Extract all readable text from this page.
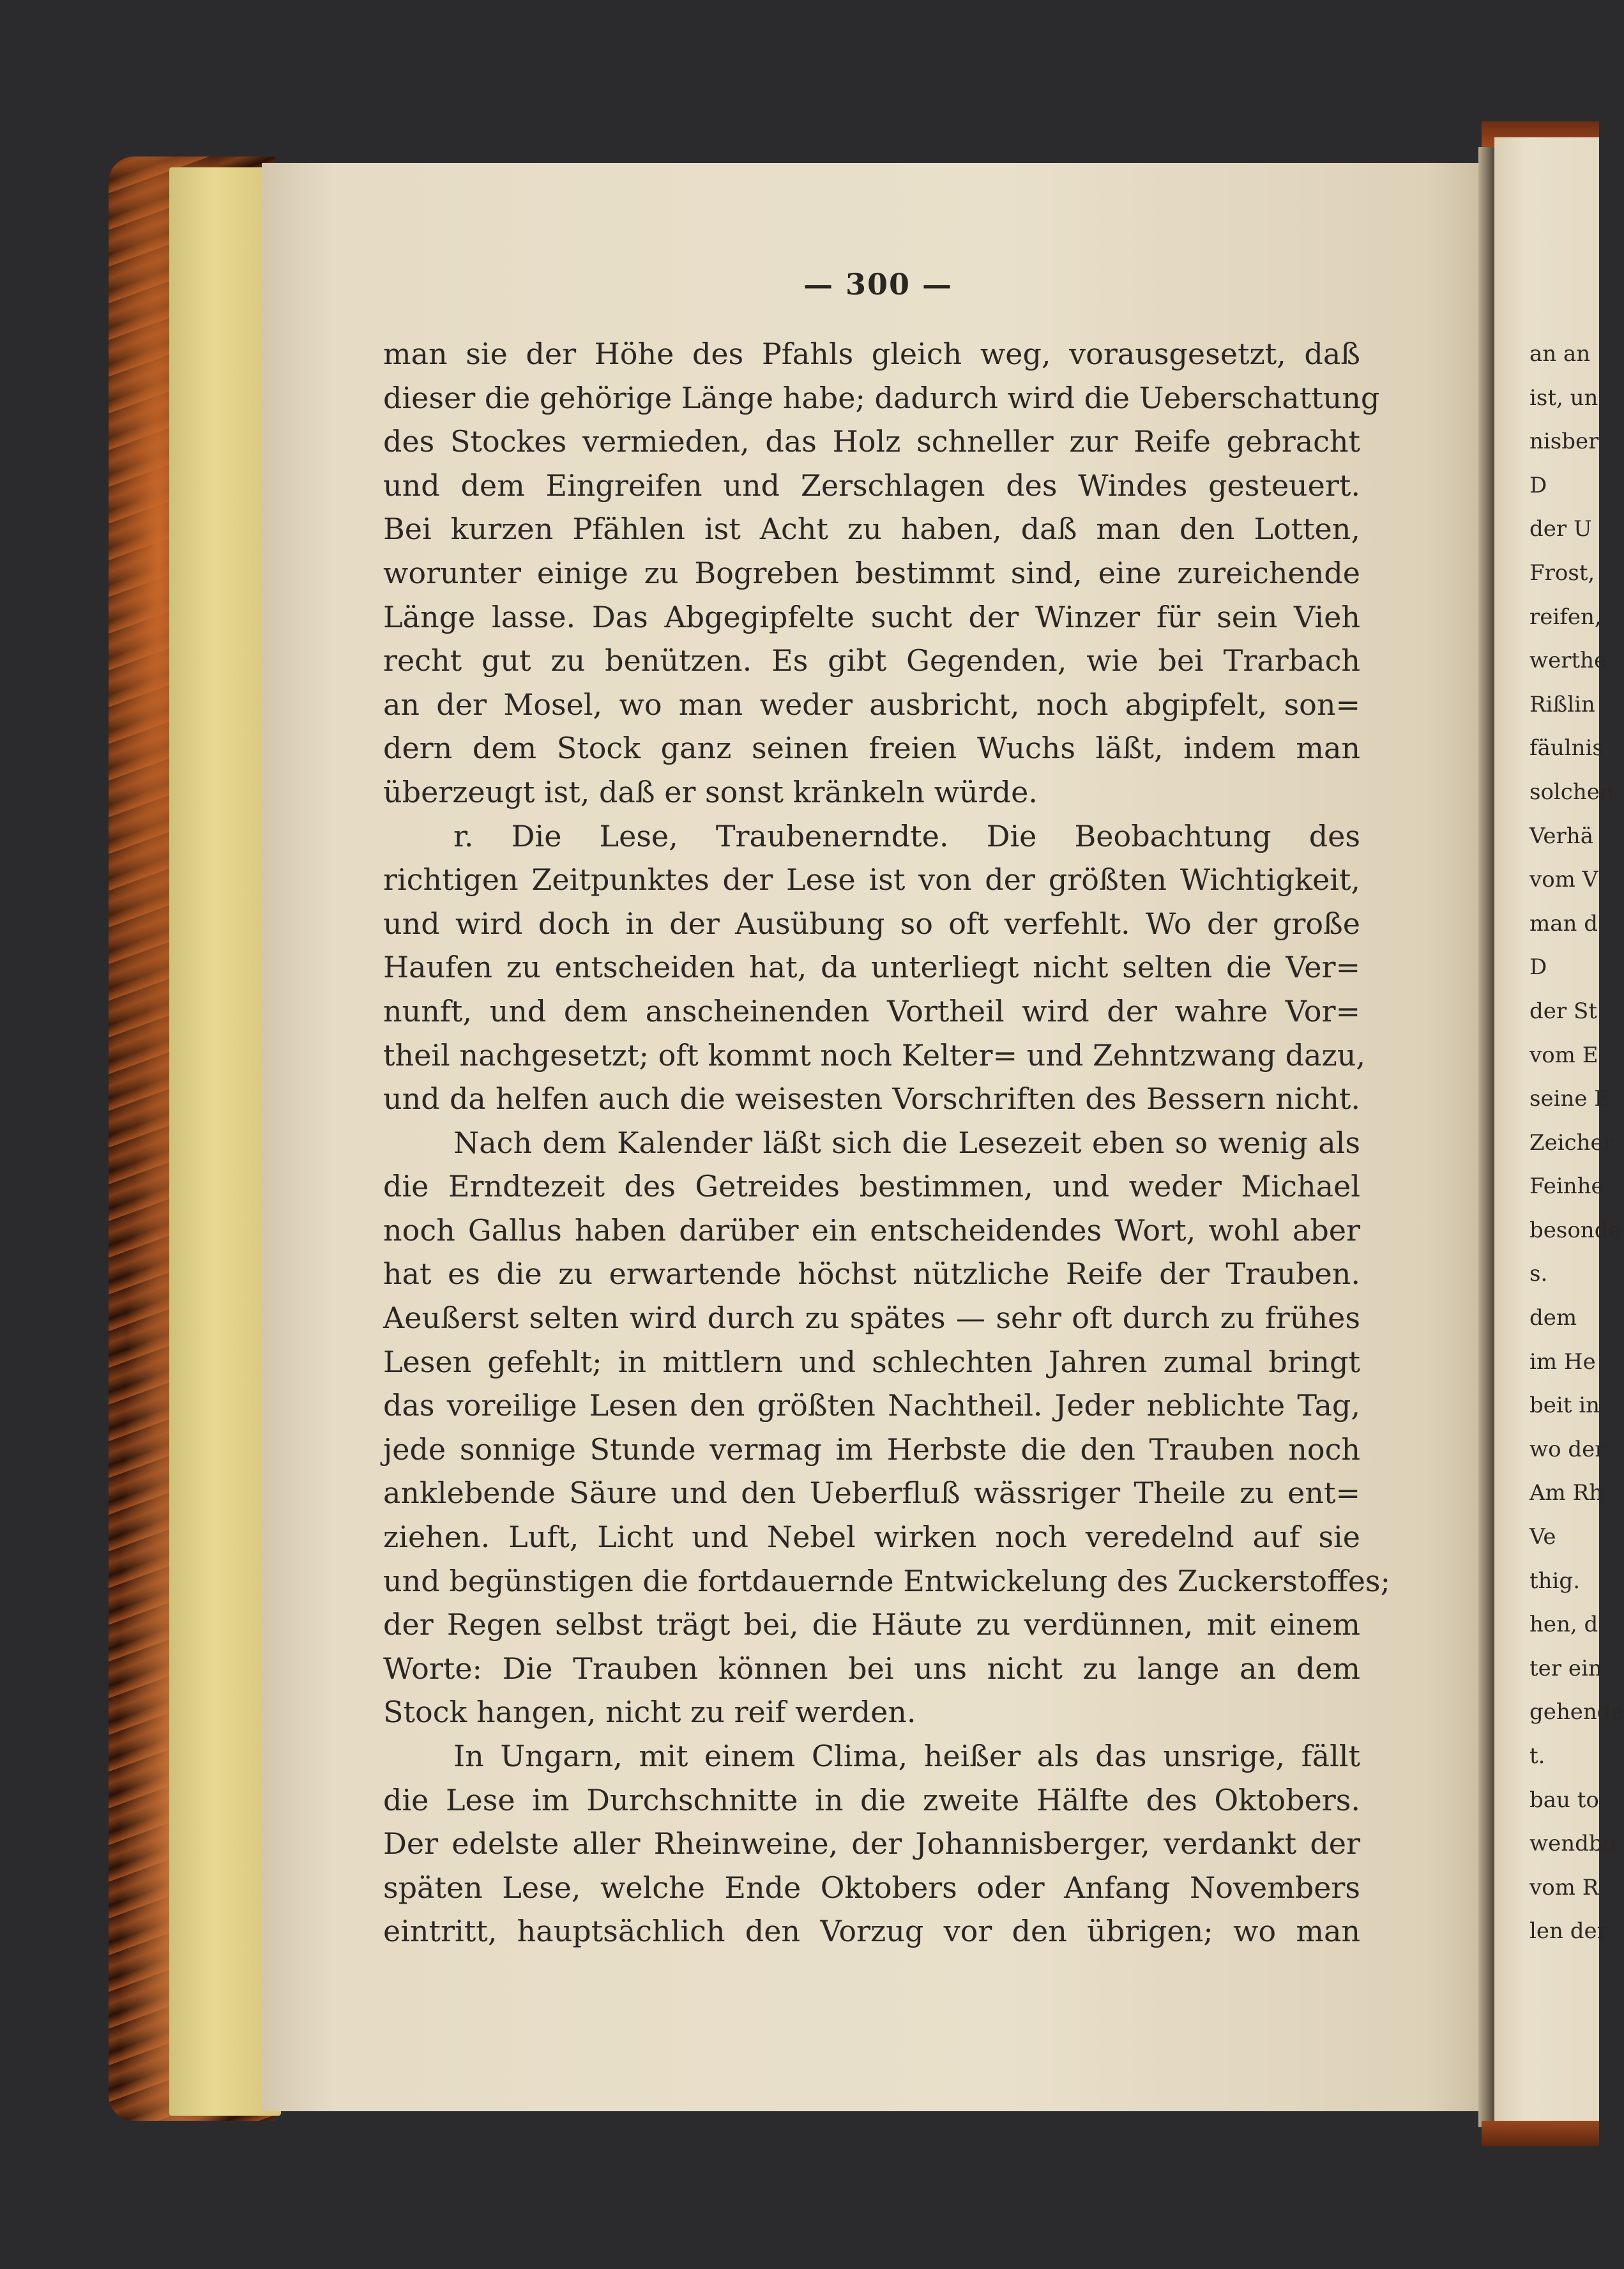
— 300 —
man sie der Höhe des Pfahls gleich weg, vorausgesetzt, daß
dieser die gehörige Länge habe; dadurch wird die Ueberschattung
des Stockes vermieden, das Holz schneller zur Reife gebracht
und dem Eingreifen und Zerschlagen des Windes gesteuert.
Bei kurzen Pfählen ist Acht zu haben, daß man den Lotten,
worunter einige zu Bogreben bestimmt sind, eine zureichende
Länge lasse. Das Abgegipfelte sucht der Winzer für sein Vieh
recht gut zu benützen. Es gibt Gegenden, wie bei Trarbach
an der Mosel, wo man weder ausbricht, noch abgipfelt, son=
dern dem Stock ganz seinen freien Wuchs läßt, indem man
überzeugt ist, daß er sonst kränkeln würde.
r. Die Lese, Traubenerndte. Die Beobachtung des
richtigen Zeitpunktes der Lese ist von der größten Wichtigkeit,
und wird doch in der Ausübung so oft verfehlt. Wo der große
Haufen zu entscheiden hat, da unterliegt nicht selten die Ver=
nunft, und dem anscheinenden Vortheil wird der wahre Vor=
theil nachgesetzt; oft kommt noch Kelter= und Zehntzwang dazu,
und da helfen auch die weisesten Vorschriften des Bessern nicht.
Nach dem Kalender läßt sich die Lesezeit eben so wenig als
die Erndtezeit des Getreides bestimmen, und weder Michael
noch Gallus haben darüber ein entscheidendes Wort, wohl aber
hat es die zu erwartende höchst nützliche Reife der Trauben.
Aeußerst selten wird durch zu spätes — sehr oft durch zu frühes
Lesen gefehlt; in mittlern und schlechten Jahren zumal bringt
das voreilige Lesen den größten Nachtheil. Jeder neblichte Tag,
jede sonnige Stunde vermag im Herbste die den Trauben noch
anklebende Säure und den Ueberfluß wässriger Theile zu ent=
ziehen. Luft, Licht und Nebel wirken noch veredelnd auf sie
und begünstigen die fortdauernde Entwickelung des Zuckerstoffes;
der Regen selbst trägt bei, die Häute zu verdünnen, mit einem
Worte: Die Trauben können bei uns nicht zu lange an dem
Stock hangen, nicht zu reif werden.
In Ungarn, mit einem Clima, heißer als das unsrige, fällt
die Lese im Durchschnitte in die zweite Hälfte des Oktobers.
Der edelste aller Rheinweine, der Johannisberger, verdankt der
späten Lese, welche Ende Oktobers oder Anfang Novembers
eintritt, hauptsächlich den Vorzug vor den übrigen; wo man
an an
ist, un
nisber
D
der U
Frost,
reifen,
werthe
Rißlin
fäulnis
solchen
Verhä
vom V
man d
D
der St
vom E
seine E
Zeicher
Feinhe
besonde
s.
dem
im He
beit in
wo der
Am Rh
Ve
thig.
hen, d
ter ein
gehende
t.
bau to
wendbo
vom R
len der
